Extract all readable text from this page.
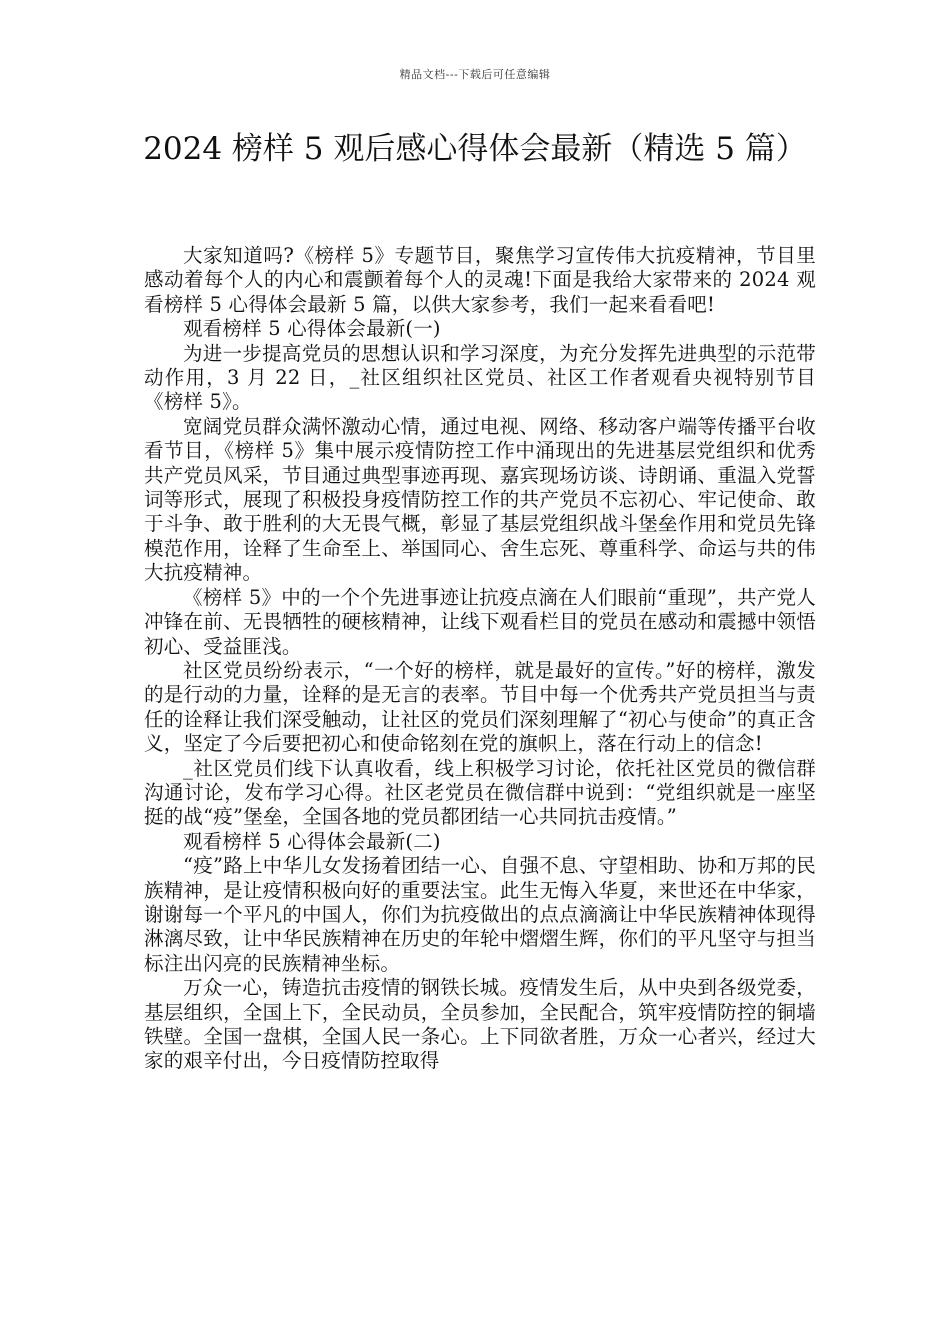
精品文档---下载后可任意编辑
2024 榜样 5 观后感心得体会最新（精选 5 篇）

大家知道吗?《榜样 5》专题节目，聚焦学习宣传伟大抗疫精神，节目里感动着每个人的内心和震颤着每个人的灵魂!下面是我给大家带来的 2024 观看榜样 5 心得体会最新 5 篇，以供大家参考，我们一起来看看吧!

观看榜样 5 心得体会最新(一)

为进一步提高党员的思想认识和学习深度，为充分发挥先进典型的示范带动作用，3 月 22 日，_社区组织社区党员、社区工作者观看央视特别节目《榜样 5》。

宽阔党员群众满怀激动心情，通过电视、网络、移动客户端等传播平台收看节目，《榜样 5》集中展示疫情防控工作中涌现出的先进基层党组织和优秀共产党员风采，节目通过典型事迹再现、嘉宾现场访谈、诗朗诵、重温入党誓词等形式，展现了积极投身疫情防控工作的共产党员不忘初心、牢记使命、敢于斗争、敢于胜利的大无畏气概，彰显了基层党组织战斗堡垒作用和党员先锋模范作用，诠释了生命至上、举国同心、舍生忘死、尊重科学、命运与共的伟大抗疫精神。

《榜样 5》中的一个个先进事迹让抗疫点滴在人们眼前“重现”，共产党人冲锋在前、无畏牺牲的硬核精神，让线下观看栏目的党员在感动和震撼中领悟初心、受益匪浅。

社区党员纷纷表示，“一个好的榜样，就是最好的宣传。”好的榜样，激发的是行动的力量，诠释的是无言的表率。节目中每一个优秀共产党员担当与责任的诠释让我们深受触动，让社区的党员们深刻理解了“初心与使命”的真正含义，坚定了今后要把初心和使命铭刻在党的旗帜上，落在行动上的信念!

_社区党员们线下认真收看，线上积极学习讨论，依托社区党员的微信群沟通讨论，发布学习心得。社区老党员在微信群中说到：“党组织就是一座坚挺的战“疫”堡垒，全国各地的党员都团结一心共同抗击疫情。”

观看榜样 5 心得体会最新(二)

“疫”路上中华儿女发扬着团结一心、自强不息、守望相助、协和万邦的民族精神，是让疫情积极向好的重要法宝。此生无悔入华夏，来世还在中华家，谢谢每一个平凡的中国人，你们为抗疫做出的点点滴滴让中华民族精神体现得淋漓尽致，让中华民族精神在历史的年轮中熠熠生辉，你们的平凡坚守与担当标注出闪亮的民族精神坐标。

万众一心，铸造抗击疫情的钢铁长城。疫情发生后，从中央到各级党委，基层组织，全国上下，全民动员，全员参加，全民配合，筑牢疫情防控的铜墙铁壁。全国一盘棋，全国人民一条心。上下同欲者胜，万众一心者兴，经过大家的艰辛付出，今日疫情防控取得
